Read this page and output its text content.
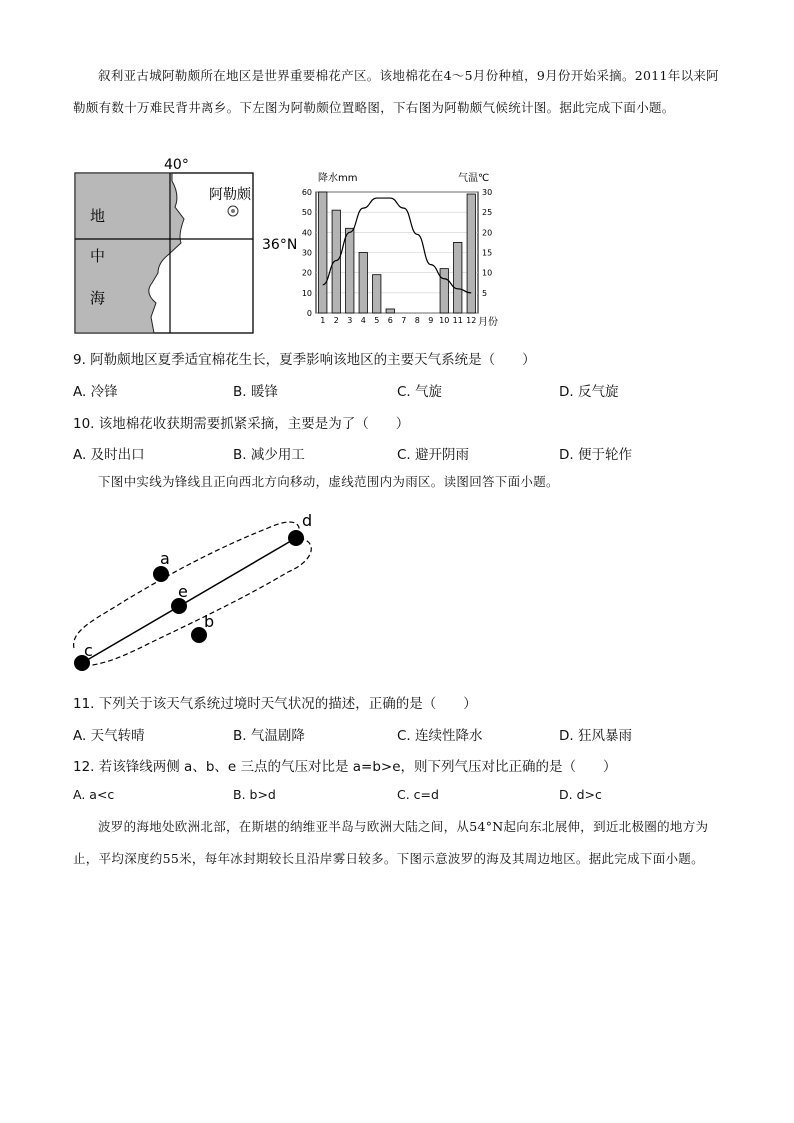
叙利亚古城阿勒颇所在地区是世界重要棉花产区。该地棉花在4～5月份种植，9月份开始采摘。2011年以来阿勒颇有数十万难民背井离乡。下左图为阿勒颇位置略图，下右图为阿勒颇气候统计图。据此完成下面小题。
40°
36°N
阿勒颇
地
中
海
降水mm	气温℃
0
10
20
30
40
50
60
5
10
15
20
25
30
1 2 3 4 5 6 7 8 9 10 11 12 月份
9. 阿勒颇地区夏季适宜棉花生长，夏季影响该地区的主要天气系统是（　　）
A. 冷锋	B. 暖锋	C. 气旋	D. 反气旋
10. 该地棉花收获期需要抓紧采摘，主要是为了（　　）
A. 及时出口	B. 减少用工	C. 避开阴雨	D. 便于轮作
下图中实线为锋线且正向西北方向移动，虚线范围内为雨区。读图回答下面小题。
a
e
b
c
d
11. 下列关于该天气系统过境时天气状况的描述，正确的是（　　）
A. 天气转晴	B. 气温剧降	C. 连续性降水	D. 狂风暴雨
12. 若该锋线两侧 a、b、e 三点的气压对比是 a=b>e，则下列气压对比正确的是（　　）
A. a<c	B. b>d	C. c=d	D. d>c
波罗的海地处欧洲北部，在斯堪的纳维亚半岛与欧洲大陆之间，从54°N起向东北展伸，到近北极圈的地方为止，平均深度约55米，每年冰封期较长且沿岸雾日较多。下图示意波罗的海及其周边地区。据此完成下面小题。
